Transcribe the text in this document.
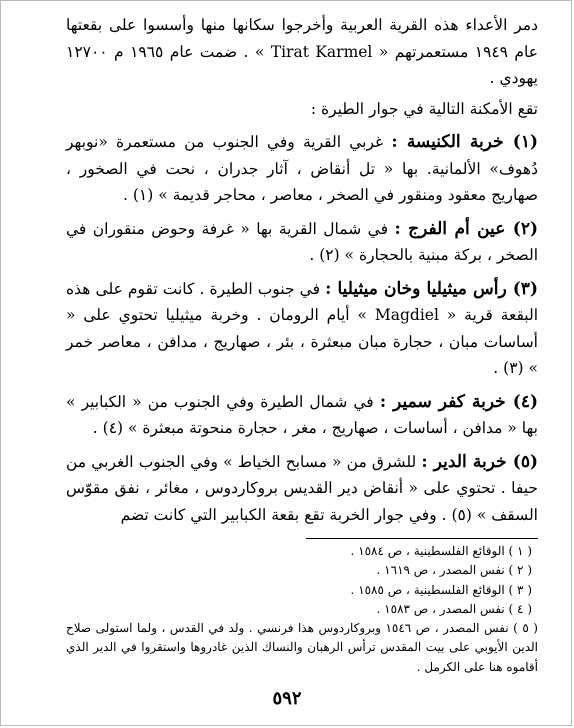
دمر الأعداء هذه القرية العربية وأخرجوا سكانها منها وأسسوا على بقعتها عام ١٩٤٩ مستعمرتهم « Tirat Karmel » . ضمت عام ١٩٦٥ م ١٢٧٠٠ يهودي .

تقع الأمكنة التالية في جوار الطيرة :

(١) خربة الكنيسة : غربي القرية وفي الجنوب من مستعمرة «نوبهر دُهوف» الألمانية. بها « تل أنقاض ، آثار جدران ، نحت في الصخور ، صهاريج معقود ومنقور في الصخر ، معاصر ، محاجر قديمة » (١) .

(٢) عين أم الفرج : في شمال القرية بها « غرفة وحوض منقوران في الصخر ، بركة مبنية بالحجارة » (٢) .

(٣) رأس ميثيليا وخان ميثيليا : في جنوب الطيرة . كانت تقوم على هذه البقعة قرية « Magdiel » أيام الرومان . وخربة ميثيليا تحتوي على « أساسات مبان ، حجارة مبان مبعثرة ، بئر ، صهاريج ، مدافن ، معاصر خمر » (٣) .

(٤) خربة كفر سمير : في شمال الطيرة وفي الجنوب من « الكبابير » بها « مدافن ، أساسات ، صهاريج ، مغر ، حجارة منحوتة مبعثرة » (٤) .

(٥) خربة الدير : للشرق من « مسابح الخياط » وفي الجنوب الغربي من حيفا . تحتوي على « أنقاض دير القديس بروكاردوس ، مغائر ، نفق مقوّس السقف » (٥) . وفي جوار الخربة تقع بقعة الكبابير التي كانت تضم

( ١ ) الوقائع الفلسطينية ، ص ١٥٨٤ .

( ٢ ) نفس المصدر ، ص ١٦١٩ .

( ٣ ) الوقائع الفلسطينية ، ص ١٥٨٥ .

( ٤ ) نفس المصدر ، ص ١٥٨٣ .

( ٥ ) نفس المصدر ، ص ١٥٤٦ وبروكاردوس هذا فرنسي . ولد في القدس ، ولما استولى صلاح الدين الأيوبي على بيت المقدس ترأس الرهبان والنساك الذين غادروها واستقروا في الدير الذي أقاموه هنا على الكرمل .

٥٩٢
